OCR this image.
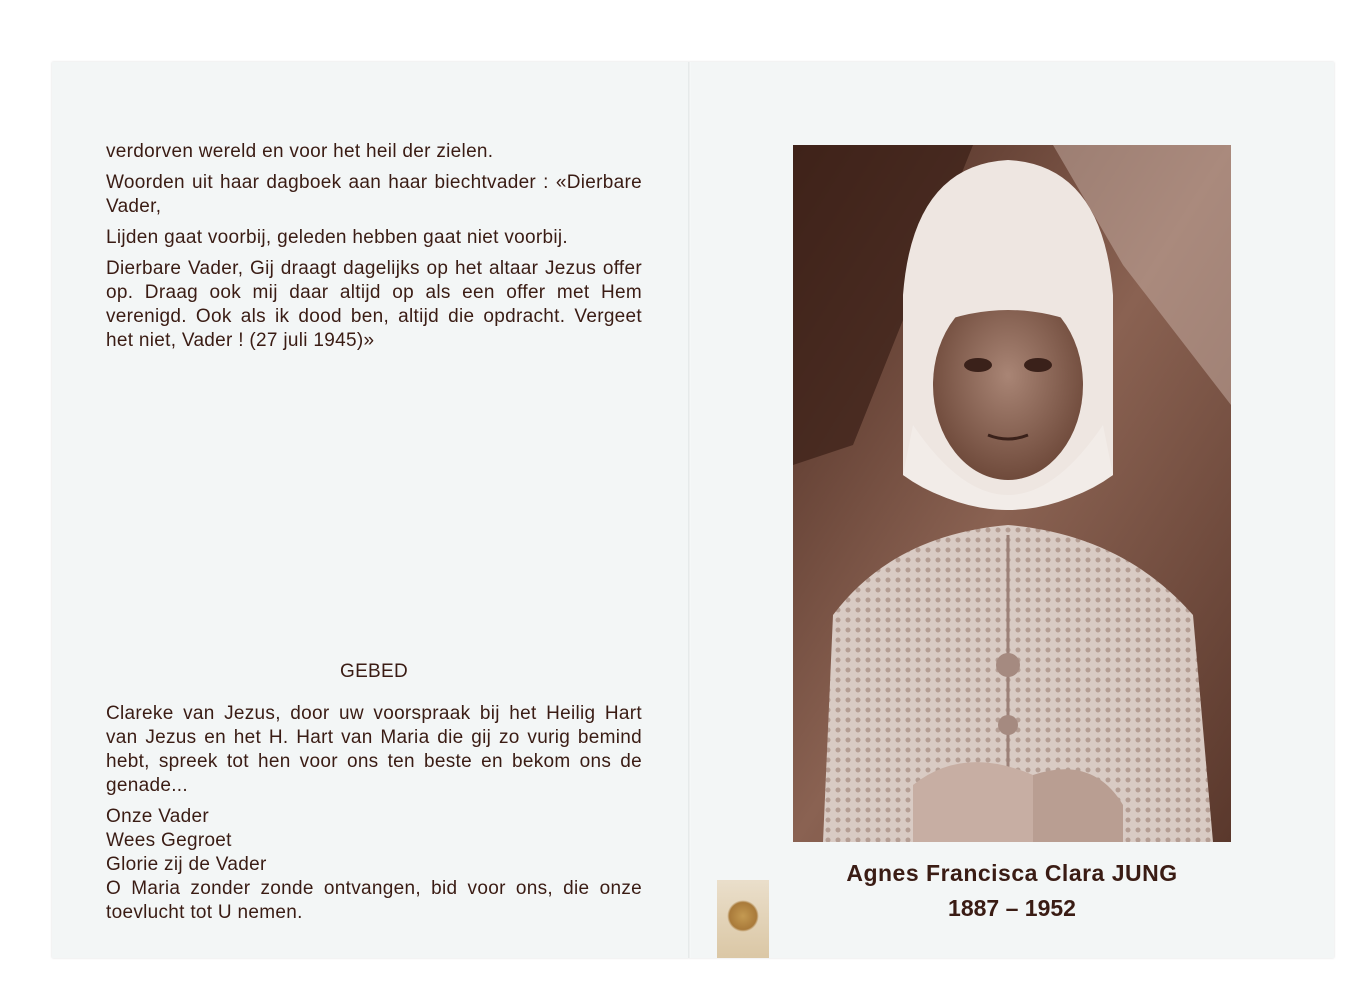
verdorven wereld en voor het heil der zielen.

Woorden uit haar dagboek aan haar biechtvader : «Dierbare Vader,

Lijden gaat voorbij, geleden hebben gaat niet voorbij.

Dierbare Vader, Gij draagt dagelijks op het altaar Jezus offer op. Draag ook mij daar altijd op als een offer met Hem verenigd. Ook als ik dood ben, altijd die opdracht. Vergeet het niet, Vader ! (27 juli 1945)»

GEBED

Clareke van Jezus, door uw voorspraak bij het Heilig Hart van Jezus en het H. Hart van Maria die gij zo vurig bemind hebt, spreek tot hen voor ons ten beste en bekom ons de genade...

Onze Vader

Wees Gegroet

Glorie zij de Vader

O Maria zonder zonde ontvangen, bid voor ons, die onze toevlucht tot U nemen.

Agnes Francisca Clara JUNG
1887 – 1952
